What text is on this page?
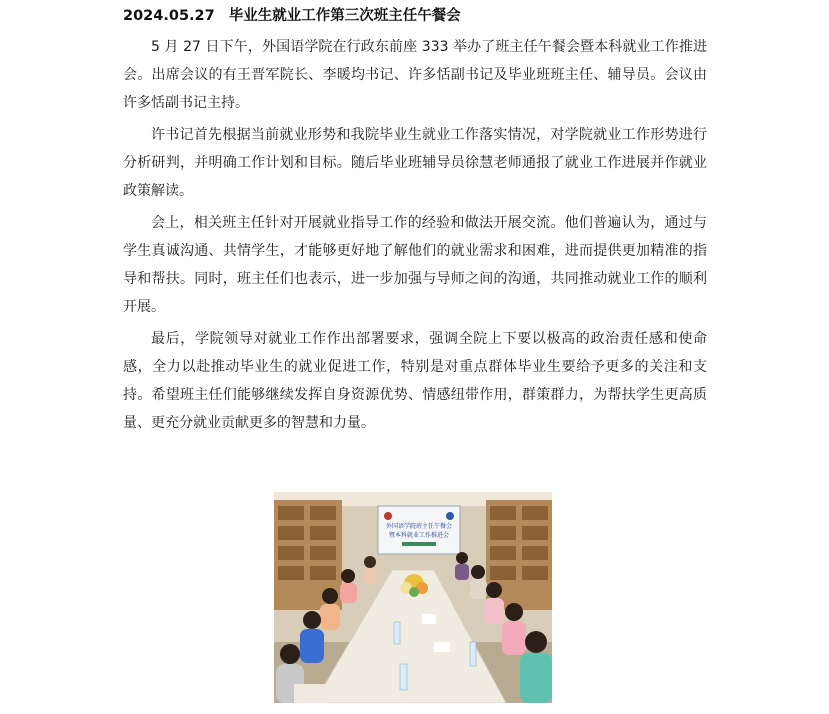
2024.05.27 毕业生就业工作第三次班主任午餐会

5 月 27 日下午，外国语学院在行政东前座 333 举办了班主任午餐会暨本科就业工作推进会。出席会议的有王晋军院长、李暖均书记、许多恬副书记及毕业班班主任、辅导员。会议由许多恬副书记主持。

许书记首先根据当前就业形势和我院毕业生就业工作落实情况，对学院就业工作形势进行分析研判，并明确工作计划和目标。随后毕业班辅导员徐慧老师通报了就业工作进展并作就业政策解读。

会上，相关班主任针对开展就业指导工作的经验和做法开展交流。他们普遍认为，通过与学生真诚沟通、共情学生，才能够更好地了解他们的就业需求和困难，进而提供更加精准的指导和帮扶。同时，班主任们也表示，进一步加强与导师之间的沟通，共同推动就业工作的顺利开展。

最后，学院领导对就业工作作出部署要求，强调全院上下要以极高的政治责任感和使命感，全力以赴推动毕业生的就业促进工作，特别是对重点群体毕业生要给予更多的关注和支持。希望班主任们能够继续发挥自身资源优势、情感纽带作用，群策群力，为帮扶学生更高质量、更充分就业贡献更多的智慧和力量。

外国语学院班主任午餐会
暨本科就业工作推进会
